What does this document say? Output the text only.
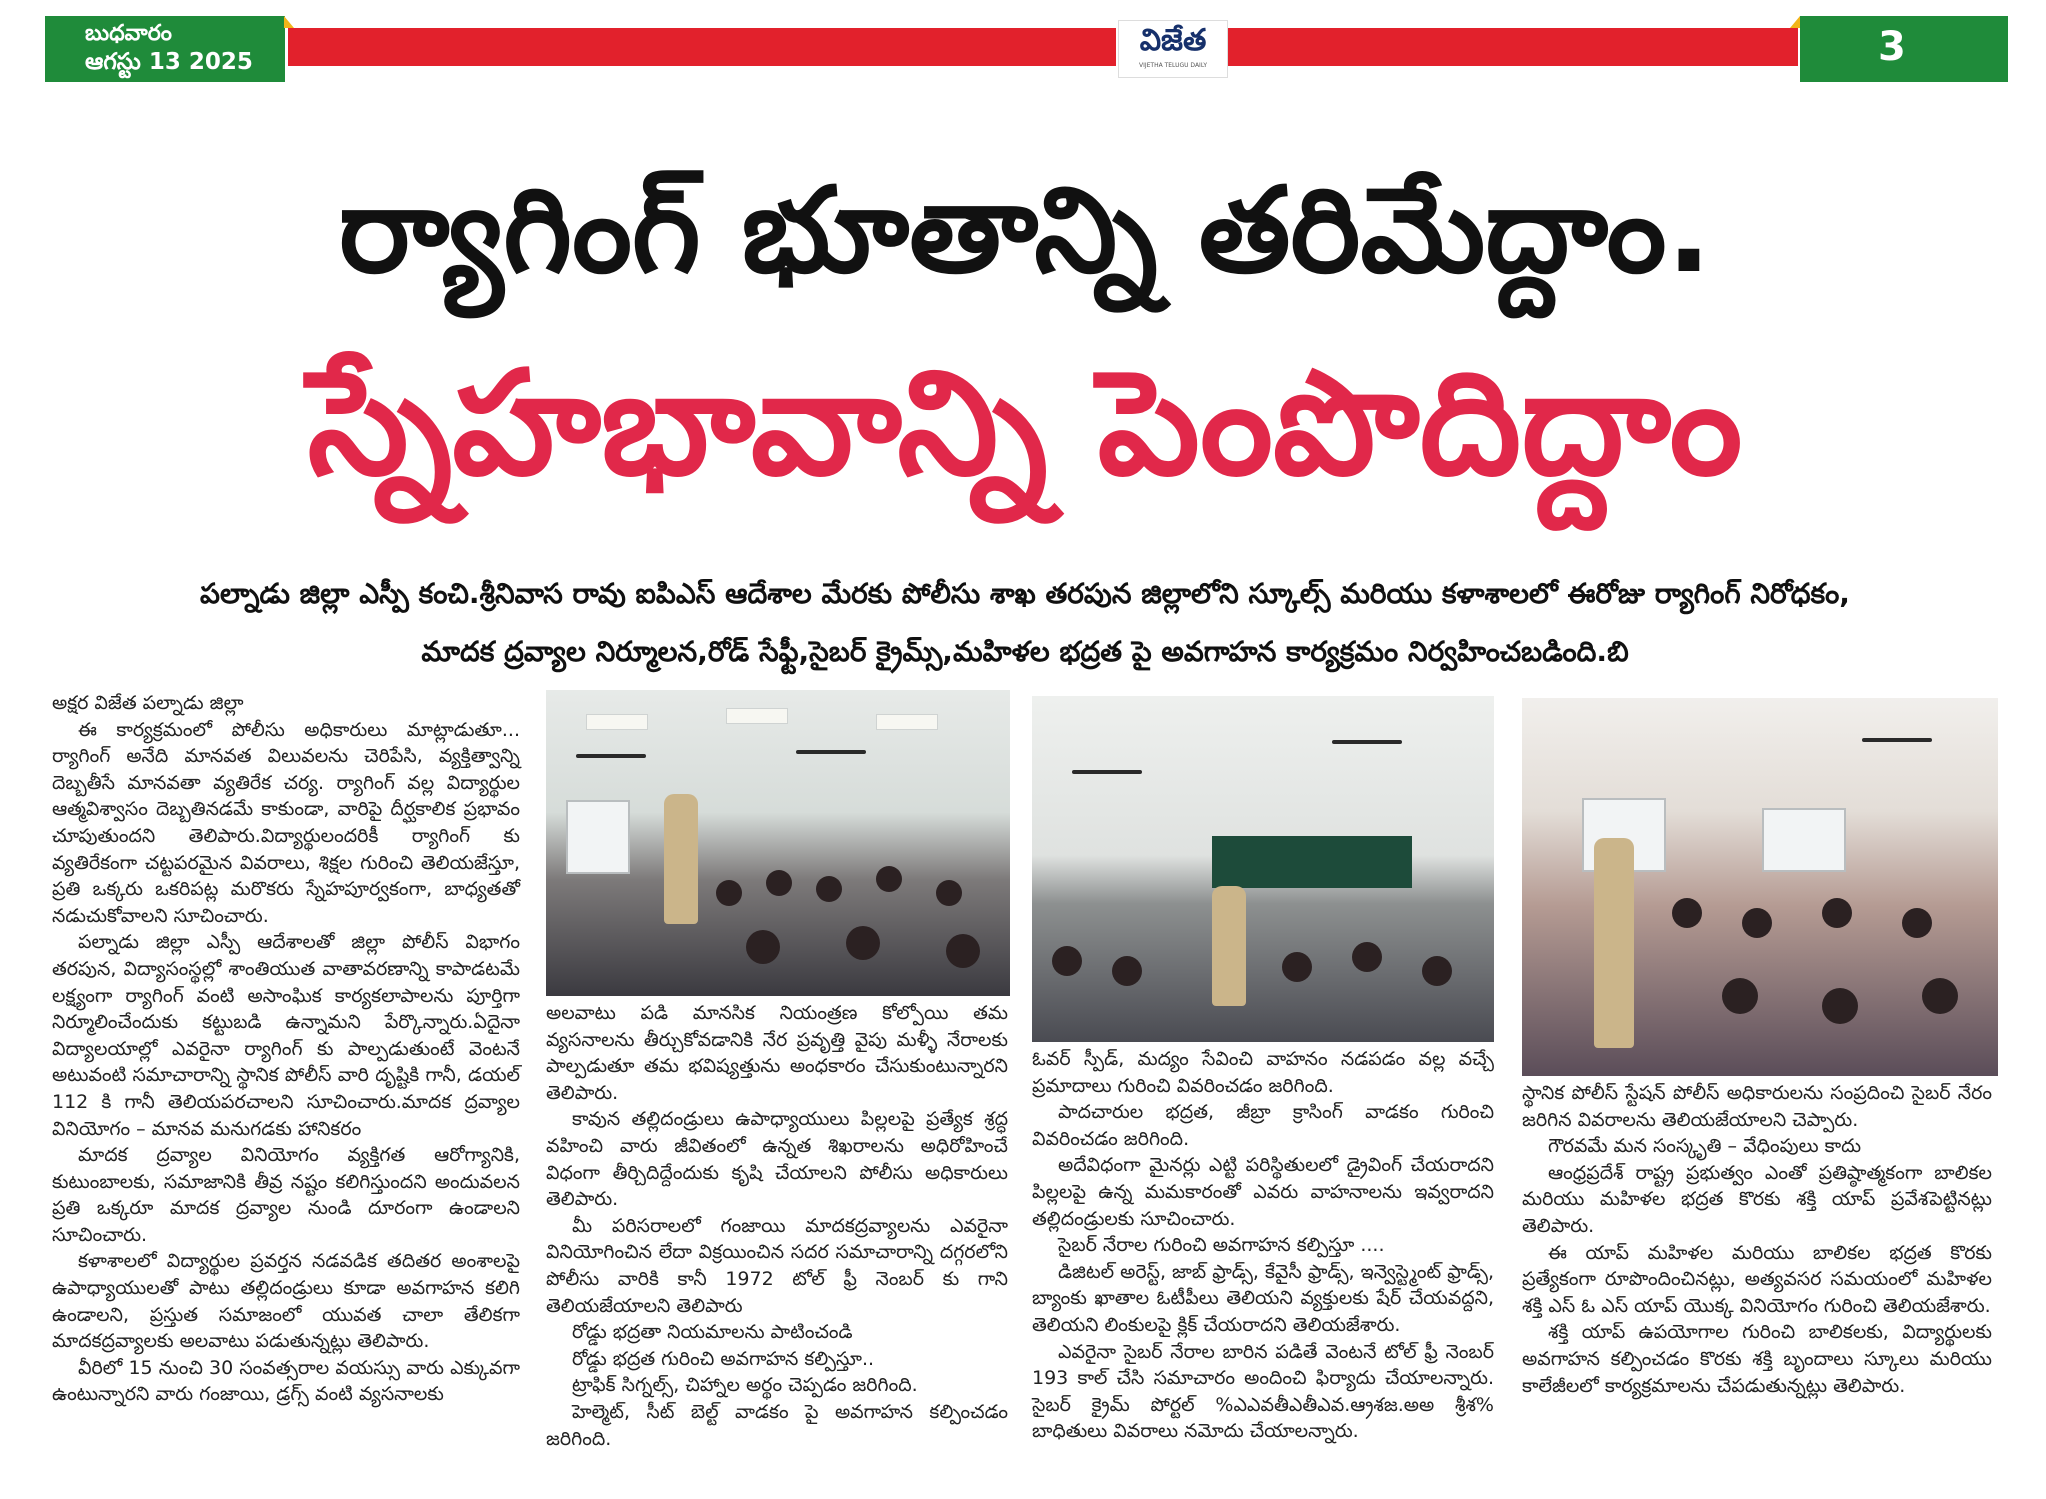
బుధవారం
ఆగస్టు 13 2025
విజేత
VIJETHA TELUGU DAILY	3
ర్యాగింగ్ భూతాన్ని తరిమేద్దాం.
స్నేహభావాన్ని పెంపొదిద్దాం
పల్నాడు జిల్లా ఎస్పీ కంచి.శ్రీనివాస రావు ఐపిఎస్ ఆదేశాల మేరకు పోలీసు శాఖ తరపున జిల్లాలోని స్కూల్స్ మరియు కళాశాలలో ఈరోజు ర్యాగింగ్ నిరోధకం,
మాదక ద్రవ్యాల నిర్మూలన,రోడ్ సేఫ్టీ,సైబర్ క్రైమ్స్,మహిళల భద్రత పై అవగాహన కార్యక్రమం నిర్వహించబడింది.బి

అక్షర విజేత పల్నాడు జిల్లా

ఈ కార్యక్రమంలో పోలీసు అధికారులు మాట్లాడుతూ... ర్యాగింగ్ అనేది మానవత విలువలను చెరిపేసి, వ్యక్తిత్వాన్ని దెబ్బతీసే మానవతా వ్యతిరేక చర్య. ర్యాగింగ్ వల్ల విద్యార్థుల ఆత్మవిశ్వాసం దెబ్బతినడమే కాకుండా, వారిపై దీర్ఘకాలిక ప్రభావం చూపుతుందని తెలిపారు.విద్యార్థులందరికీ ర్యాగింగ్ కు వ్యతిరేకంగా చట్టపరమైన వివరాలు, శిక్షల గురించి తెలియజేస్తూ, ప్రతి ఒక్కరు ఒకరిపట్ల మరొకరు స్నేహపూర్వకంగా, బాధ్యతతో నడుచుకోవాలని సూచించారు.

పల్నాడు జిల్లా ఎస్పీ ఆదేశాలతో జిల్లా పోలీస్ విభాగం తరపున, విద్యాసంస్థల్లో శాంతియుత వాతావరణాన్ని కాపాడటమే లక్ష్యంగా ర్యాగింగ్ వంటి అసాంఘిక కార్యకలాపాలను పూర్తిగా నిర్మూలించేందుకు కట్టుబడి ఉన్నామని పేర్కొన్నారు.ఏదైనా విద్యాలయాల్లో ఎవరైనా ర్యాగింగ్ కు పాల్పడుతుంటే వెంటనే అటువంటి సమాచారాన్ని స్థానిక పోలీస్ వారి దృష్టికి గానీ, డయల్ 112 కి గానీ తెలియపరచాలని సూచించారు.మాదక ద్రవ్యాల వినియోగం – మానవ మనుగడకు హానికరం

మాదక ద్రవ్యాల వినియోగం వ్యక్తిగత ఆరోగ్యానికి, కుటుంబాలకు, సమాజానికి తీవ్ర నష్టం కలిగిస్తుందని అందువలన ప్రతి ఒక్కరూ మాదక ద్రవ్యాల నుండి దూరంగా ఉండాలని సూచించారు.

కళాశాలలో విద్యార్థుల ప్రవర్తన నడవడిక తదితర అంశాలపై ఉపాధ్యాయులతో పాటు తల్లిదండ్రులు కూడా అవగాహన కలిగి ఉండాలని, ప్రస్తుత సమాజంలో యువత చాలా తేలికగా మాదకద్రవ్యాలకు అలవాటు పడుతున్నట్లు తెలిపారు.

వీరిలో 15 నుంచి 30 సంవత్సరాల వయస్సు వారు ఎక్కువగా ఉంటున్నారని వారు గంజాయి, డ్రగ్స్ వంటి వ్యసనాలకు

అలవాటు పడి మానసిక నియంత్రణ కోల్పోయి తమ వ్యసనాలను తీర్చుకోవడానికి నేర ప్రవృత్తి వైపు మళ్ళీ నేరాలకు పాల్పడుతూ తమ భవిష్యత్తును అంధకారం చేసుకుంటున్నారని తెలిపారు.

కావున తల్లిదండ్రులు ఉపాధ్యాయులు పిల్లలపై ప్రత్యేక శ్రద్ధ వహించి వారు జీవితంలో ఉన్నత శిఖరాలను అధిరోహించే విధంగా తీర్చిదిద్దేందుకు కృషి చేయాలని పోలీసు అధికారులు తెలిపారు.

మీ పరిసరాలలో గంజాయి మాదకద్రవ్యాలను ఎవరైనా వినియోగించిన లేదా విక్రయించిన సదర సమాచారాన్ని దగ్గరలోని పోలీసు వారికి కానీ 1972 టోల్ ఫ్రీ నెంబర్ కు గాని తెలియజేయాలని తెలిపారు

రోడ్డు భద్రతా నియమాలను పాటించండి

రోడ్డు భద్రత గురించి అవగాహన కల్పిస్తూ..

ట్రాఫిక్ సిగ్నల్స్, చిహ్నాల అర్థం చెప్పడం జరిగింది.

హెల్మెట్, సీట్ బెల్ట్ వాడకం పై అవగాహన కల్పించడం జరిగింది.

ఓవర్ స్పీడ్, మద్యం సేవించి వాహనం నడపడం వల్ల వచ్చే ప్రమాదాలు గురించి వివరించడం జరిగింది.

పాదచారుల భద్రత, జీబ్రా క్రాసింగ్ వాడకం గురించి వివరించడం జరిగింది.

అదేవిధంగా మైనర్లు ఎట్టి పరిస్థితులలో డ్రైవింగ్ చేయరాదని పిల్లలపై ఉన్న మమకారంతో ఎవరు వాహనాలను ఇవ్వరాదని తల్లిదండ్రులకు సూచించారు.

సైబర్ నేరాల గురించి అవగాహన కల్పిస్తూ ....

డిజిటల్ అరెస్ట్, జాబ్ ఫ్రాడ్స్, కేవైసీ ఫ్రాడ్స్, ఇన్వెస్ట్మెంట్ ఫ్రాడ్స్, బ్యాంకు ఖాతాల ఓటీపీలు తెలియని వ్యక్తులకు షేర్ చేయవద్దని, తెలియని లింకులపై క్లిక్ చేయరాదని తెలియజేశారు.

ఎవరైనా సైబర్ నేరాల బారిన పడితే వెంటనే టోల్ ఫ్రీ నెంబర్ 193 కాల్ చేసి సమాచారం అందించి ఫిర్యాదు చేయాలన్నారు. సైబర్ క్రైమ్ పోర్టల్ %ఎఎవతీఎతీఎవ.ఆ్రశజ.అఅ శ్రీశ% బాధితులు వివరాలు నమోదు చేయాలన్నారు.

స్థానిక పోలీస్ స్టేషన్ పోలీస్ అధికారులను సంప్రదించి సైబర్ నేరం జరిగిన వివరాలను తెలియజేయాలని చెప్పారు.

గౌరవమే మన సంస్కృతి – వేధింపులు కాదు

ఆంధ్రప్రదేశ్ రాష్ట్ర ప్రభుత్వం ఎంతో ప్రతిష్ఠాత్మకంగా బాలికల మరియు మహిళల భద్రత కొరకు శక్తి యాప్ ప్రవేశపెట్టినట్లు తెలిపారు.

ఈ యాప్ మహిళల మరియు బాలికల భద్రత కొరకు ప్రత్యేకంగా రూపొందించినట్లు, అత్యవసర సమయంలో మహిళల శక్తి ఎస్ ఓ ఎస్ యాప్ యొక్క వినియోగం గురించి తెలియజేశారు.

శక్తి యాప్ ఉపయోగాల గురించి బాలికలకు, విద్యార్థులకు అవగాహన కల్పించడం కొరకు శక్తి బృందాలు స్కూలు మరియు కాలేజీలలో కార్యక్రమాలను చేపడుతున్నట్లు తెలిపారు.
